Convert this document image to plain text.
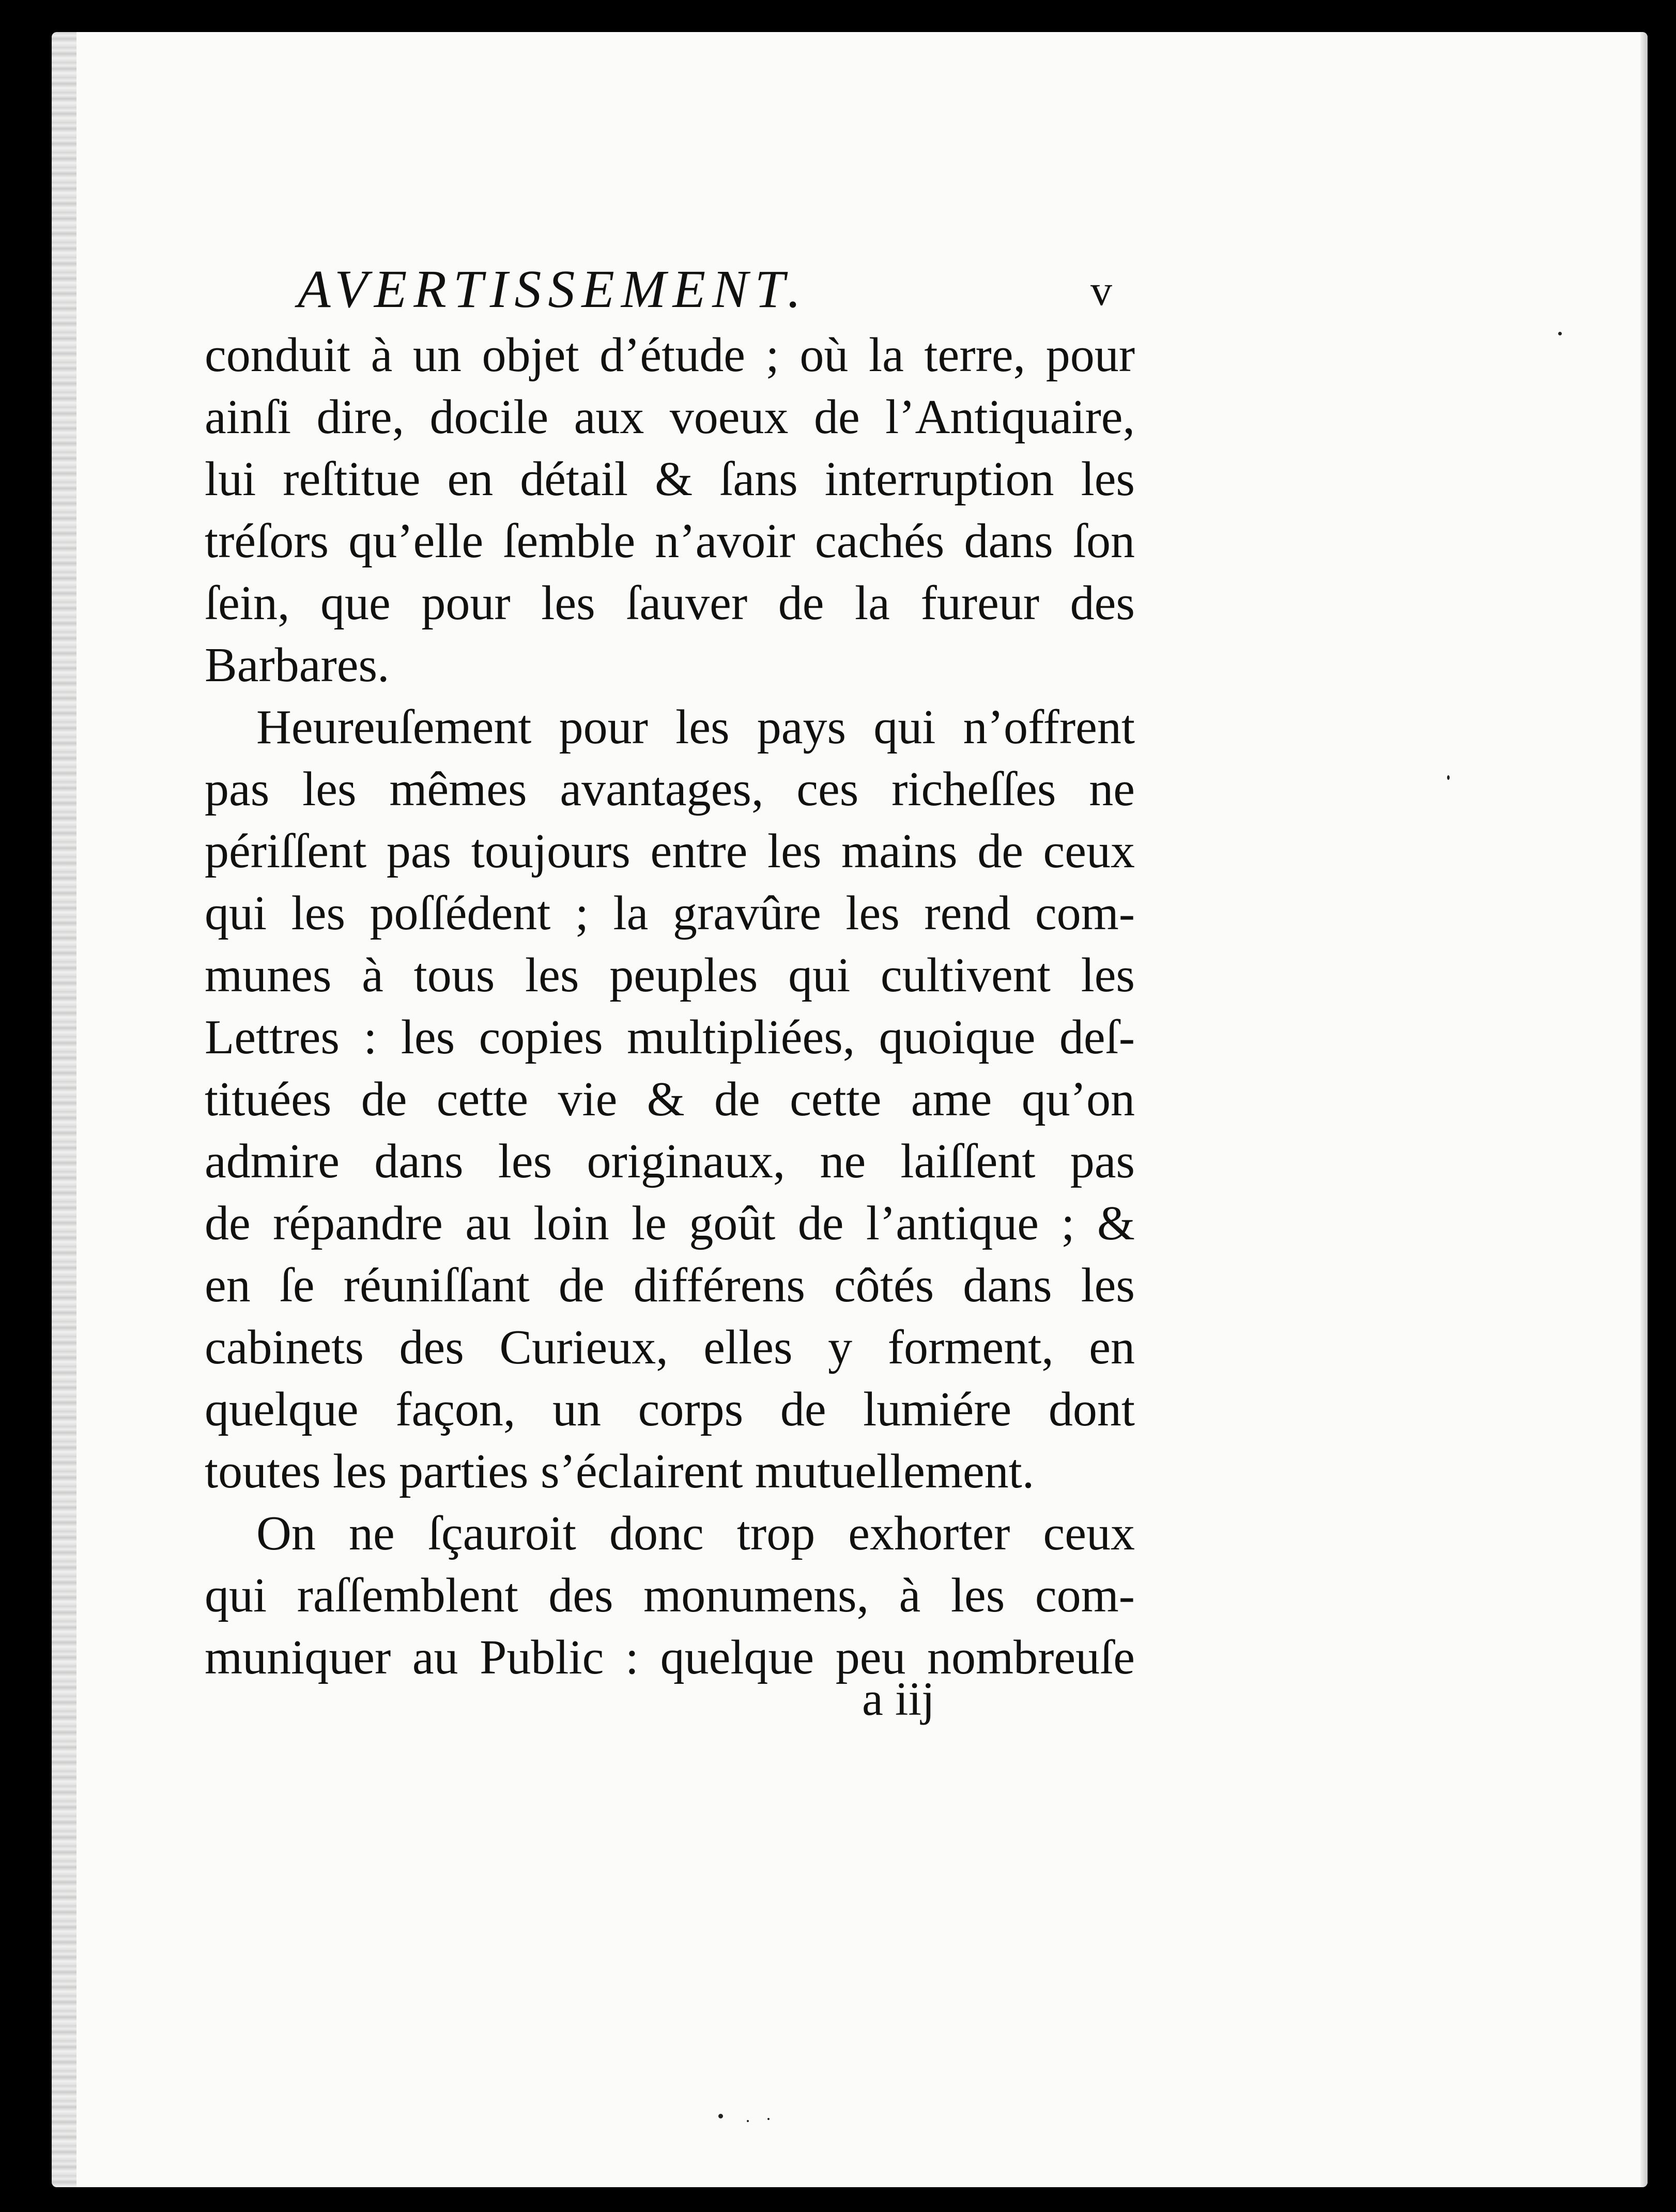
AVERTISSEMENT.	v
conduit à un objet d’étude ; où la terre, pour
ainſi dire, docile aux voeux de l’Antiquaire,
lui reſtitue en détail & ſans interruption les
tréſors qu’elle ſemble n’avoir cachés dans ſon
ſein, que pour les ſauver de la fureur des
Barbares.
Heureuſement pour les pays qui n’offrent
pas les mêmes avantages, ces richeſſes ne
périſſent pas toujours entre les mains de ceux
qui les poſſédent ; la gravûre les rend com-
munes à tous les peuples qui cultivent les
Lettres : les copies multipliées, quoique deſ-
tituées de cette vie & de cette ame qu’on
admire dans les originaux, ne laiſſent pas
de répandre au loin le goût de l’antique ; &
en ſe réuniſſant de différens côtés dans les
cabinets des Curieux, elles y forment, en
quelque façon, un corps de lumiére dont
toutes les parties s’éclairent mutuellement.
On ne ſçauroit donc trop exhorter ceux
qui raſſemblent des monumens, à les com-
muniquer au Public : quelque peu nombreuſe
a iij
